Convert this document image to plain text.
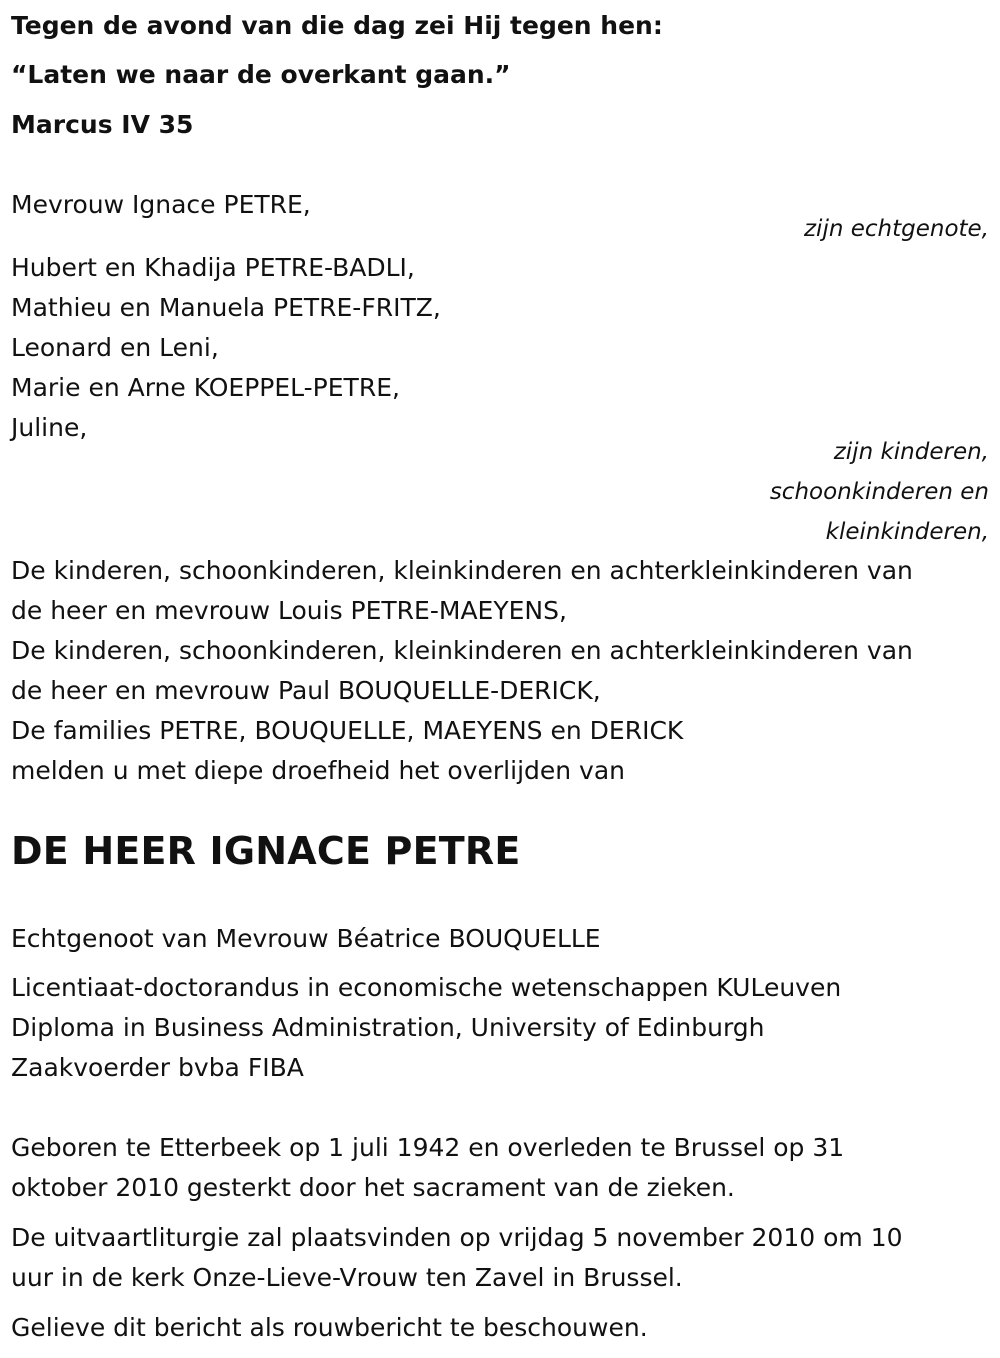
Tegen de avond van die dag zei Hij tegen hen:

“Laten we naar de overkant gaan.”

Marcus IV 35

Mevrouw Ignace PETRE,

zijn echtgenote,

Hubert en Khadija PETRE-BADLI,

Mathieu en Manuela PETRE-FRITZ,

Leonard en Leni,

Marie en Arne KOEPPEL-PETRE,

Juline,

zijn kinderen,

schoonkinderen en

kleinkinderen,

De kinderen, schoonkinderen, kleinkinderen en achterkleinkinderen van

de heer en mevrouw Louis PETRE-MAEYENS,

De kinderen, schoonkinderen, kleinkinderen en achterkleinkinderen van

de heer en mevrouw Paul BOUQUELLE-DERICK,

De families PETRE, BOUQUELLE, MAEYENS en DERICK

melden u met diepe droefheid het overlijden van

DE HEER IGNACE PETRE

Echtgenoot van Mevrouw Béatrice BOUQUELLE

Licentiaat-doctorandus in economische wetenschappen KULeuven

Diploma in Business Administration, University of Edinburgh

Zaakvoerder bvba FIBA

Geboren te Etterbeek op 1 juli 1942 en overleden te Brussel op 31

oktober 2010 gesterkt door het sacrament van de zieken.

De uitvaartliturgie zal plaatsvinden op vrijdag 5 november 2010 om 10

uur in de kerk Onze-Lieve-Vrouw ten Zavel in Brussel.

Gelieve dit bericht als rouwbericht te beschouwen.
